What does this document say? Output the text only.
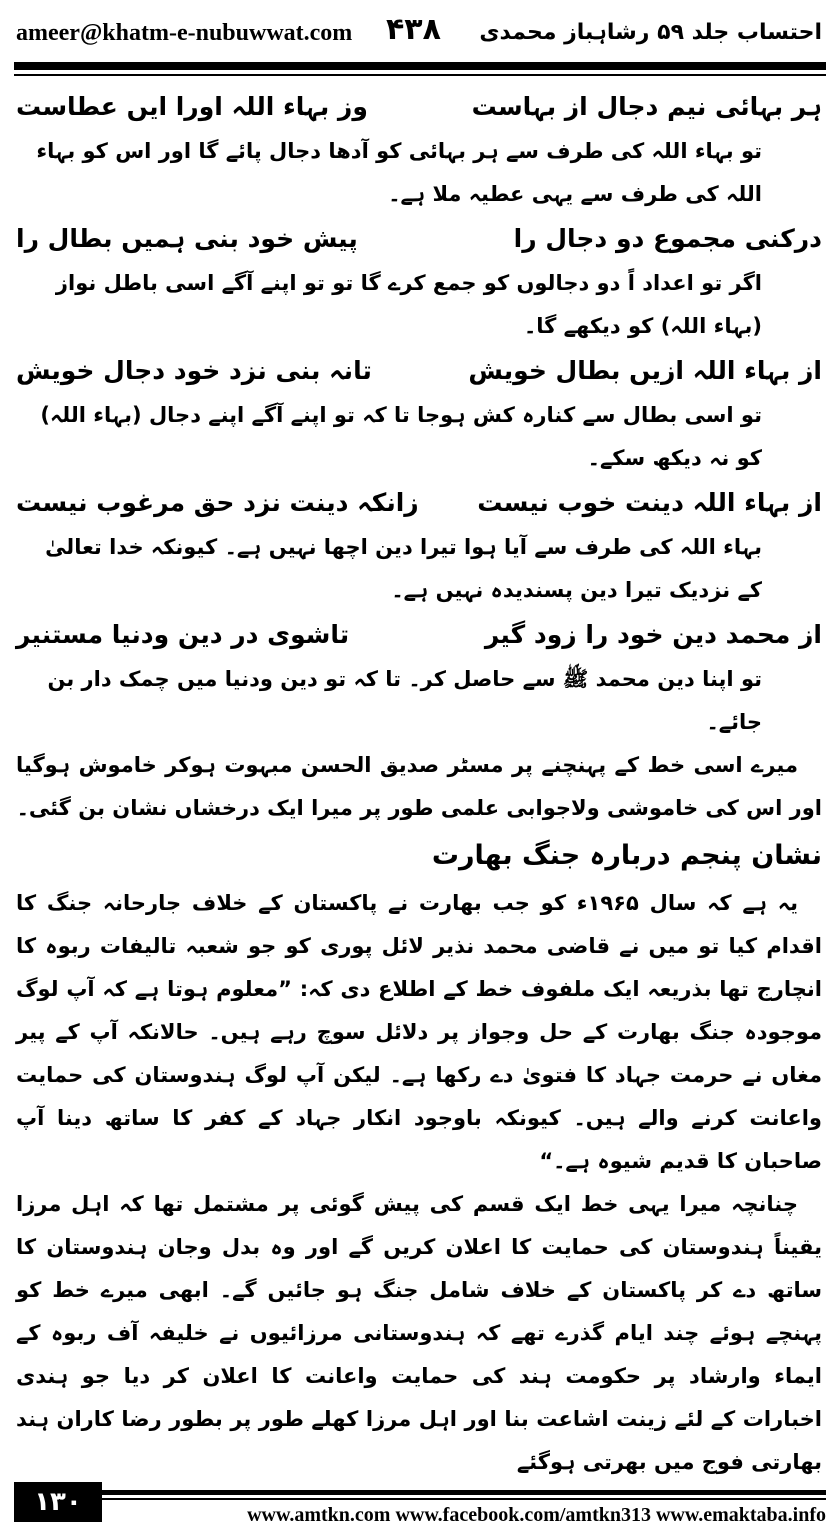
ameer@khatm-e-nubuwwat.com ۴۳۸ احتساب جلد ۵۹ رشاہباز محمدی
ہر بہائی نیم دجال از بہاست
وز بہاء اللہ اورا ایں عطاست
تو بہاء اللہ کی طرف سے ہر بہائی کو آدھا دجال پائے گا اور اس کو بہاء اللہ کی طرف سے یہی عطیہ ملا ہے۔
درکنی مجموع دو دجال را
پیش خود بنی ہمیں بطال را
اگر تو اعداد اً دو دجالوں کو جمع کرے گا تو تو اپنے آگے اسی باطل نواز (بہاء اللہ) کو دیکھے گا۔
از بہاء اللہ ازیں بطال خویش
تانہ بنی نزد خود دجال خویش
تو اسی بطال سے کنارہ کش ہوجا تا کہ تو اپنے آگے اپنے دجال (بہاء اللہ) کو نہ دیکھ سکے۔
از بہاء اللہ دینت خوب نیست
زانکہ دینت نزد حق مرغوب نیست
بہاء اللہ کی طرف سے آیا ہوا تیرا دین اچھا نہیں ہے۔ کیونکہ خدا تعالیٰ کے نزدیک تیرا دین پسندیدہ نہیں ہے۔
از محمد دین خود را زود گیر
تاشوی در دین ودنیا مستنیر
تو اپنا دین محمد ﷺ سے حاصل کر۔ تا کہ تو دین ودنیا میں چمک دار بن جائے۔
میرے اسی خط کے پہنچنے پر مسٹر صدیق الحسن مبہوت ہوکر خاموش ہوگیا اور اس کی خاموشی ولاجوابی علمی طور پر میرا ایک درخشاں نشان بن گئی۔
نشان پنجم دربارہ جنگ بھارت
یہ ہے کہ سال ۱۹۶۵ء کو جب بھارت نے پاکستان کے خلاف جارحانہ جنگ کا اقدام کیا تو میں نے قاضی محمد نذیر لائل پوری کو جو شعبہ تالیفات ربوہ کا انچارج تھا بذریعہ ایک ملفوف خط کے اطلاع دی کہ: ”معلوم ہوتا ہے کہ آپ لوگ موجودہ جنگ بھارت کے حل وجواز پر دلائل سوچ رہے ہیں۔ حالانکہ آپ کے پیر مغاں نے حرمت جہاد کا فتویٰ دے رکھا ہے۔ لیکن آپ لوگ ہندوستان کی حمایت واعانت کرنے والے ہیں۔ کیونکہ باوجود انکار جہاد کے کفر کا ساتھ دینا آپ صاحبان کا قدیم شیوہ ہے۔“
چنانچہ میرا یہی خط ایک قسم کی پیش گوئی پر مشتمل تھا کہ اہل مرزا یقیناً ہندوستان کی حمایت کا اعلان کریں گے اور وہ بدل وجان ہندوستان کا ساتھ دے کر پاکستان کے خلاف شامل جنگ ہو جائیں گے۔ ابھی میرے خط کو پہنچے ہوئے چند ایام گذرے تھے کہ ہندوستانی مرزائیوں نے خلیفہ آف ربوہ کے ایماء وارشاد پر حکومت ہند کی حمایت واعانت کا اعلان کر دیا جو ہندی اخبارات کے لئے زینت اشاعت بنا اور اہل مرزا کھلے طور پر بطور رضا کاران ہند بھارتی فوج میں بھرتی ہوگئے
۱۳۰	www.amtkn.com www.facebook.com/amtkn313 www.emaktaba.info
